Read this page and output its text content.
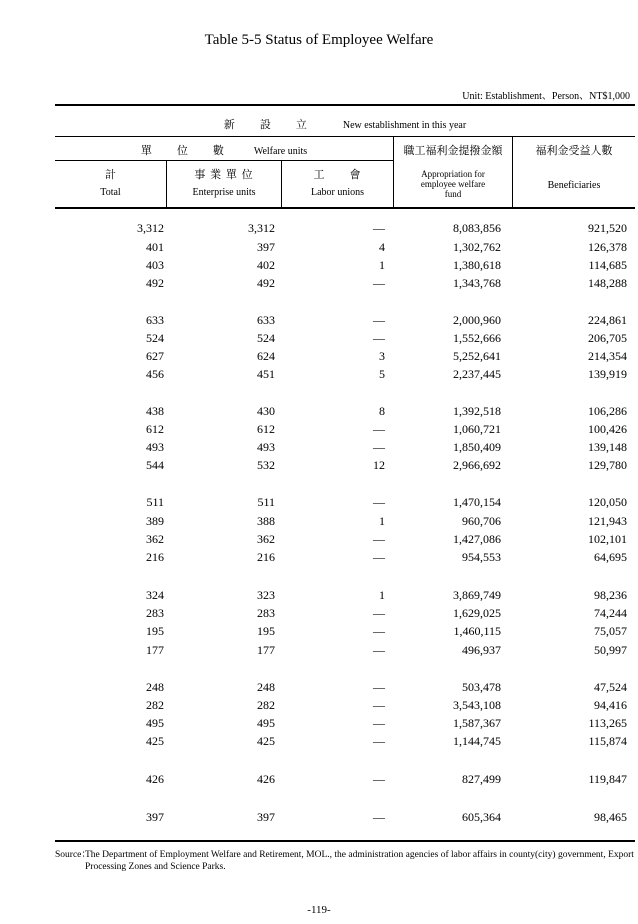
Table 5-5 Status of Employee Welfare
Unit: Establishment、Person、NT$1,000
新　　設　　立	New establishment in this year
單　　位　　數	Welfare units	職工福利金提撥金額
Appropriation for employee welfare fund
福利金受益人數
Beneficiaries
計
Total
事 業 單 位
Enterprise units
工　　會
Labor unions
3,312	3,312	—	8,083,856	921,520
401	397	4	1,302,762	126,378
403	402	1	1,380,618	114,685
492	492	—	1,343,768	148,288
633	633	—	2,000,960	224,861
524	524	—	1,552,666	206,705
627	624	3	5,252,641	214,354
456	451	5	2,237,445	139,919
438	430	8	1,392,518	106,286
612	612	—	1,060,721	100,426
493	493	—	1,850,409	139,148
544	532	12	2,966,692	129,780
511	511	—	1,470,154	120,050
389	388	1	960,706	121,943
362	362	—	1,427,086	102,101
216	216	—	954,553	64,695
324	323	1	3,869,749	98,236
283	283	—	1,629,025	74,244
195	195	—	1,460,115	75,057
177	177	—	496,937	50,997
248	248	—	503,478	47,524
282	282	—	3,543,108	94,416
495	495	—	1,587,367	113,265
425	425	—	1,144,745	115,874
426	426	—	827,499	119,847
397	397	—	605,364	98,465
Source：
The Department of Employment Welfare and Retirement, MOL., the administration agencies of labor affairs in county(city) government, Export Processing Zones and Science Parks.
-119-
